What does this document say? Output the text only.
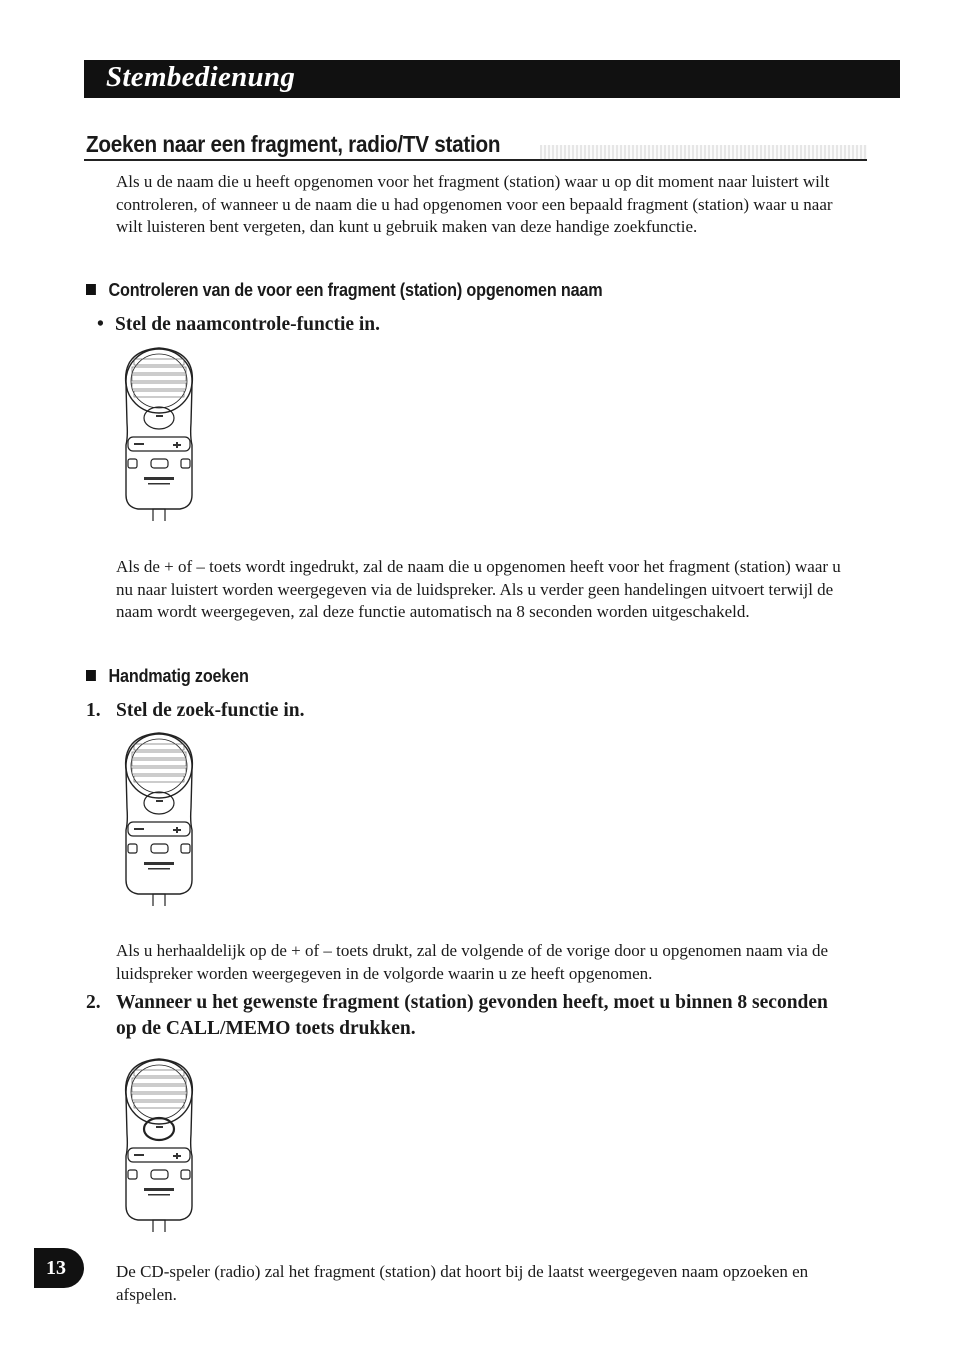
Stembedienung
Zoeken naar een fragment, radio/TV station

Als u de naam die u heeft opgenomen voor het fragment (station) waar u op dit moment naar luistert wilt controleren, of wanneer u de naam die u had opgenomen voor een bepaald fragment (station) waar u naar wilt luisteren bent vergeten, dan kunt u gebruik maken van deze handige zoekfunctie.

Controleren van de voor een fragment (station) opgenomen naam
• Stel de naamcontrole-functie in.

Als de + of – toets wordt ingedrukt, zal de naam die u opgenomen heeft voor het fragment (station) waar u nu naar luistert worden weergegeven via de luidspreker. Als u verder geen handelingen uitvoert terwijl de naam wordt weergegeven, zal deze functie automatisch na 8 seconden worden uitgeschakeld.

Handmatig zoeken
1. Stel de zoek-functie in.

Als u herhaaldelijk op de + of – toets drukt, zal de volgende of de vorige door u opgenomen naam via de luidspreker worden weergegeven in de volgorde waarin u ze heeft opgenomen.

2. Wanneer u het gewenste fragment (station) gevonden heeft, moet u binnen 8 seconden op de CALL/MEMO toets drukken.
13	De CD-speler (radio) zal het fragment (station) dat hoort bij de laatst weergegeven naam opzoeken en afspelen.
